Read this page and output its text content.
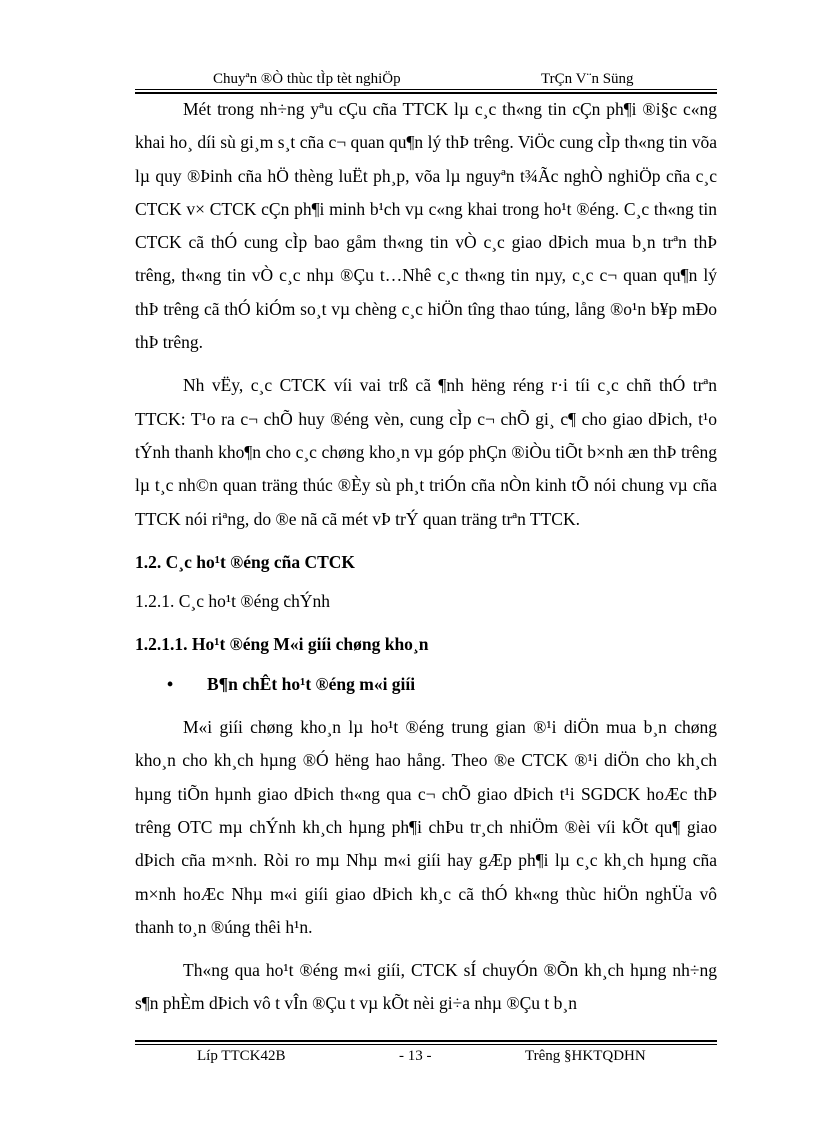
Chuyªn ®Ò thùc tÌp tèt nghiÖp	TrÇn V¨n Süng

Mét trong nh÷ng yªu cÇu cña TTCK lµ c¸c th«ng tin cÇn ph¶i ®i§c c«ng khai ho¸ díi sù gi¸m s¸t cña c¬ quan qu¶n lý thÞ trêng. ViÖc cung cÌp th«ng tin võa lµ quy ®Þinh cña hÖ thèng luËt ph¸p, võa lµ nguyªn t¾Ãc nghÒ nghiÖp cña c¸c CTCK v× CTCK cÇn ph¶i minh b¹ch vµ c«ng khai trong ho¹t ®éng. C¸c th«ng tin CTCK cã thÓ cung cÌp bao gåm th«ng tin vÒ c¸c giao dÞich mua b¸n trªn thÞ trêng, th«ng tin vÒ c¸c nhµ ®Çu t…Nhê c¸c th«ng tin nµy, c¸c c¬ quan qu¶n lý thÞ trêng cã thÓ kiÓm so¸t vµ chèng c¸c hiÖn tîng thao túng, lång ®o¹n b¥p mÐo thÞ trêng.

Nh vËy, c¸c CTCK víi vai trß cã ¶nh hëng réng r·i tíi c¸c chñ thÓ trªn TTCK: T¹o ra c¬ chÕ huy ®éng vèn, cung cÌp c¬ chÕ gi¸ c¶ cho giao dÞich, t¹o tÝnh thanh kho¶n cho c¸c chøng kho¸n vµ góp phÇn ®iÒu tiÕt b×nh æn thÞ trêng lµ t¸c nh©n quan träng thúc ®Èy sù ph¸t triÓn cña nÒn kinh tÕ nói chung vµ cña TTCK nói riªng, do ®e nã cã mét vÞ trÝ quan träng trªn TTCK.

1.2. C¸c ho¹t ®éng cña CTCK

1.2.1. C¸c ho¹t ®éng chÝnh

1.2.1.1. Ho¹t ®éng M«i giíi chøng kho¸n

• B¶n chÊt ho¹t ®éng m«i giíi

M«i giíi chøng kho¸n lµ ho¹t ®éng trung gian ®¹i diÖn mua b¸n chøng kho¸n cho kh¸ch hµng ®Ó hëng hao hång. Theo ®e CTCK ®¹i diÖn cho kh¸ch hµng tiÕn hµnh giao dÞich th«ng qua c¬ chÕ giao dÞich t¹i SGDCK hoÆc thÞ trêng OTC mµ chÝnh kh¸ch hµng ph¶i chÞu tr¸ch nhiÖm ®èi víi kÕt qu¶ giao dÞich cña m×nh. Ròi ro mµ Nhµ m«i giíi hay gÆp ph¶i lµ c¸c kh¸ch hµng cña m×nh hoÆc Nhµ m«i giíi giao dÞich kh¸c cã thÓ kh«ng thùc hiÖn nghÜa vô thanh to¸n ®úng thêi h¹n.

Th«ng qua ho¹t ®éng m«i giíi, CTCK sÍ chuyÓn ®Õn kh¸ch hµng nh÷ng s¶n phÈm dÞich vô t vÎn ®Çu t vµ kÕt nèi gi÷a nhµ ®Çu t b¸n

Líp TTCK42B	- 13 -	Trêng §HKTQDHN
